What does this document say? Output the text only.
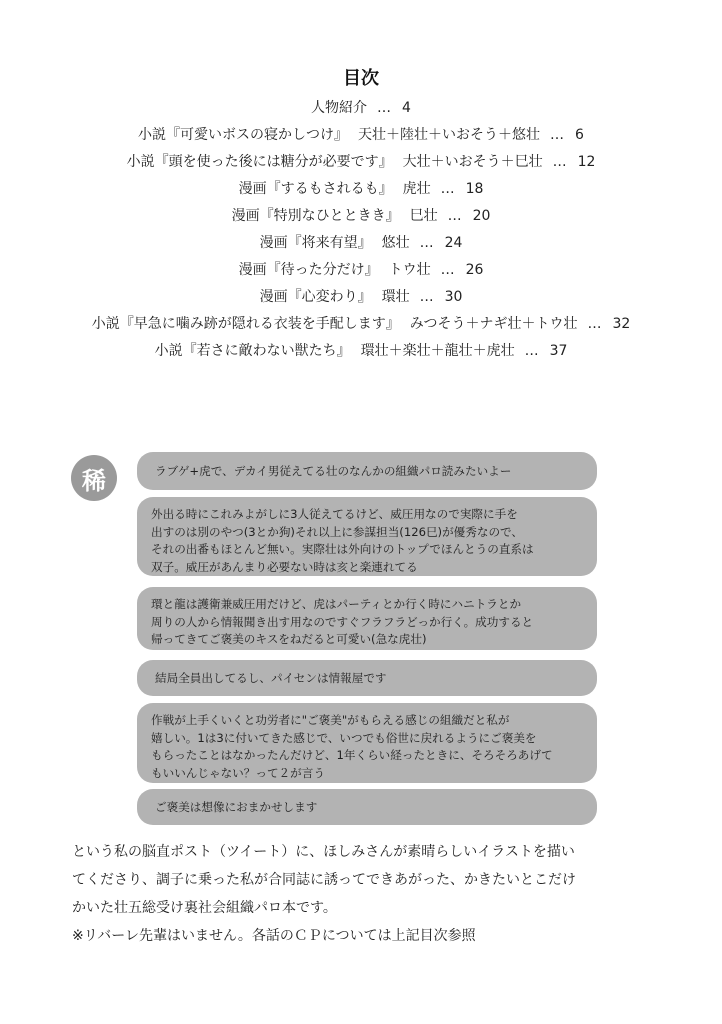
目次
人物紹介 … 4
小説『可愛いボスの寝かしつけ』 天壮＋陸壮＋いおそう＋悠壮 … 6
小説『頭を使った後には糖分が必要です』 大壮＋いおそう＋巳壮 … 12
漫画『するもされるも』 虎壮 … 18
漫画『特別なひとときき』 巳壮 … 20
漫画『将来有望』 悠壮 … 24
漫画『待った分だけ』 トウ壮 … 26
漫画『心変わり』 環壮 … 30
小説『早急に噛み跡が隠れる衣装を手配します』 みつそう＋ナギ壮＋トウ壮 … 32
小説『若さに敵わない獣たち』 環壮＋楽壮＋龍壮＋虎壮 … 37
稀	ラブゲ+虎で、デカイ男従えてる壮のなんかの組織パロ読みたいよー
外出る時にこれみよがしに3人従えてるけど、威圧用なので実際に手を
出すのは別のやつ(3とか狗)それ以上に参謀担当(126巳)が優秀なので、
それの出番もほとんど無い。実際壮は外向けのトップでほんとうの直系は
双子。威圧があんまり必要ない時は亥と楽連れてる
環と龍は護衛兼威圧用だけど、虎はパーティとか行く時にハニトラとか
周りの人から情報聞き出す用なのですぐフラフラどっか行く。成功すると
帰ってきてご褒美のキスをねだると可愛い(急な虎壮)
結局全員出してるし、パイセンは情報屋です
作戦が上手くいくと功労者に"ご褒美"がもらえる感じの組織だと私が
嬉しい。1は3に付いてきた感じで、いつでも俗世に戻れるようにご褒美を
もらったことはなかったんだけど、1年くらい経ったときに、そろそろあげて
もいいんじゃない？って２が言う
ご褒美は想像におまかせします

という私の脳直ポスト（ツイート）に、ほしみさんが素晴らしいイラストを描い

てくださり、調子に乗った私が合同誌に誘ってできあがった、かきたいとこだけ

かいた壮五総受け裏社会組織パロ本です。

※リバーレ先輩はいません。各話のＣＰについては上記目次参照
